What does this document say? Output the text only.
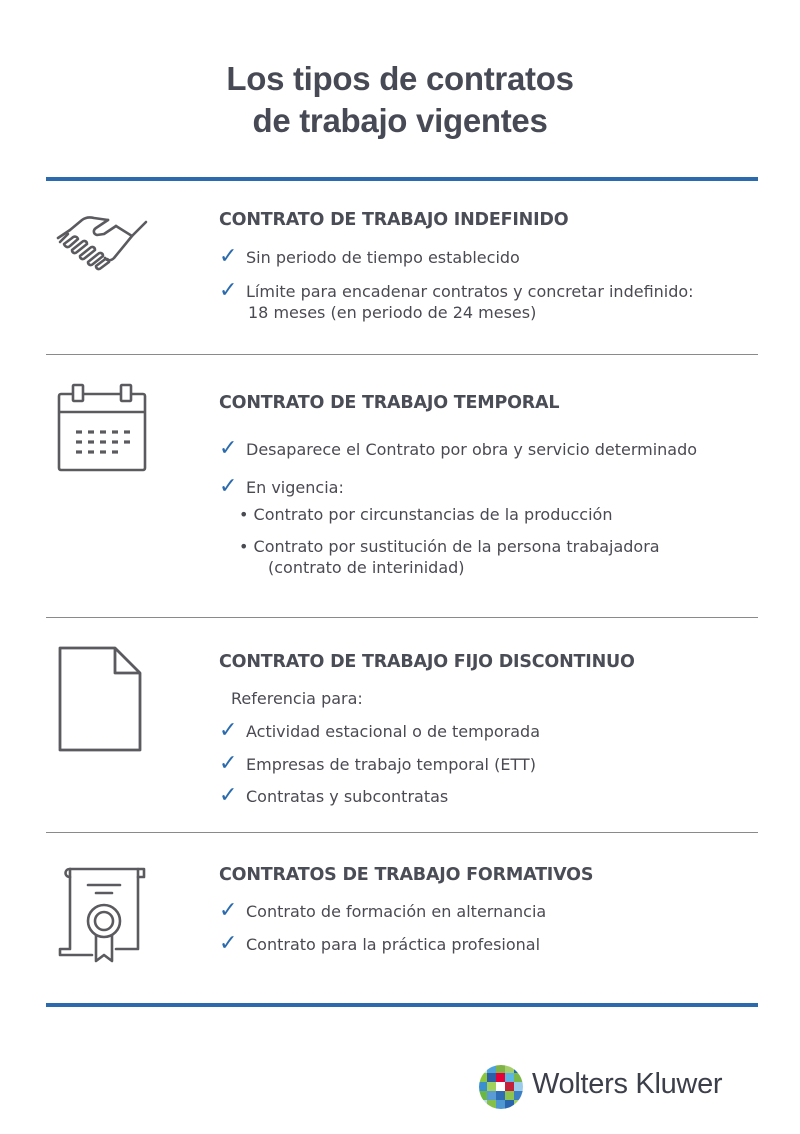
Los tipos de contratos
de trabajo vigentes
CONTRATO DE TRABAJO INDEFINIDO
✓ Sin periodo de tiempo establecido
✓ Límite para encadenar contratos y concretar indefinido:
18 meses (en periodo de 24 meses)
CONTRATO DE TRABAJO TEMPORAL
✓ Desaparece el Contrato por obra y servicio determinado
✓ En vigencia:
• Contrato por circunstancias de la producción
• Contrato por sustitución de la persona trabajadora
(contrato de interinidad)
CONTRATO DE TRABAJO FIJO DISCONTINUO
Referencia para:
✓ Actividad estacional o de temporada
✓ Empresas de trabajo temporal (ETT)
✓ Contratas y subcontratas
CONTRATOS DE TRABAJO FORMATIVOS
✓ Contrato de formación en alternancia
✓ Contrato para la práctica profesional
Wolters Kluwer
